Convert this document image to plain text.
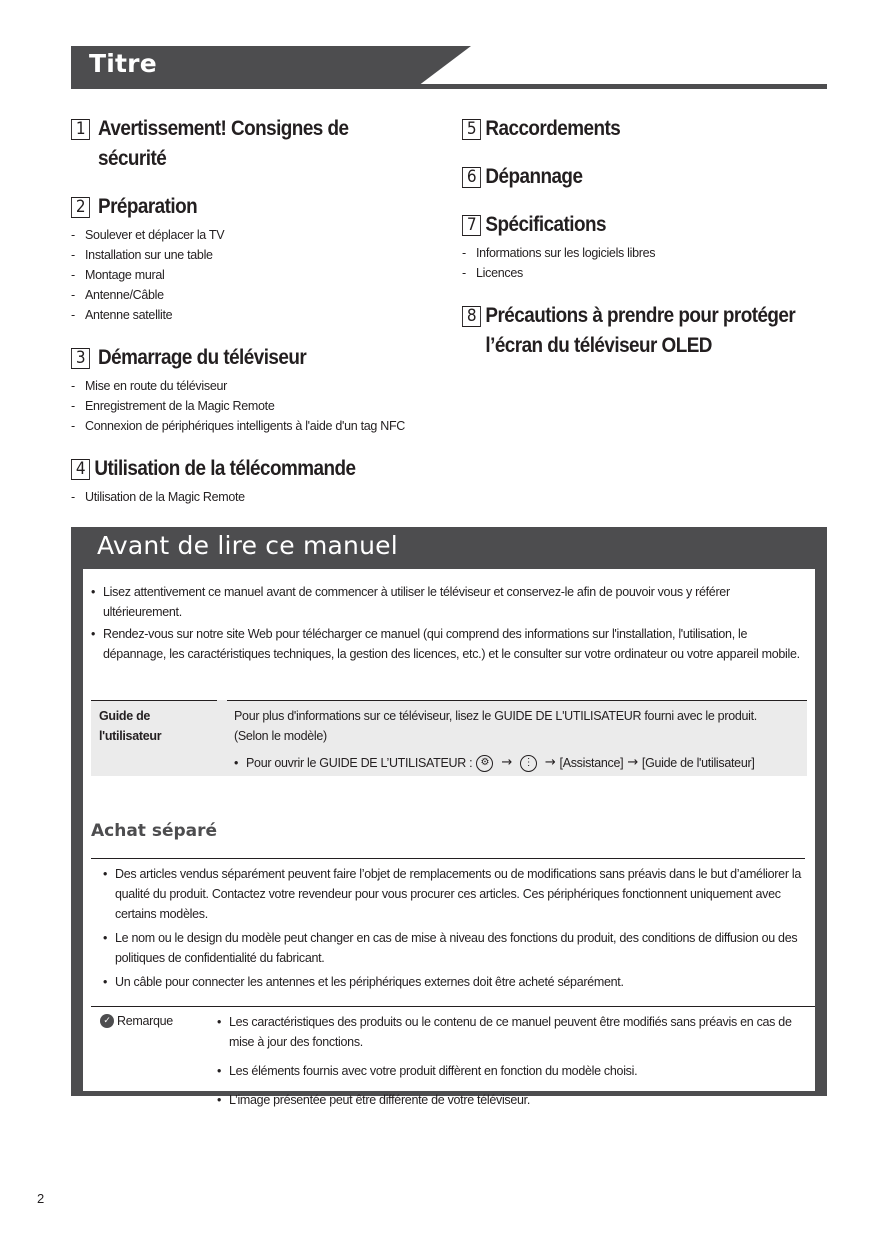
Titre
1 Avertissement! Consignes de sécurité
2 Préparation
- Soulever et déplacer la TV
- Installation sur une table
- Montage mural
- Antenne/Câble
- Antenne satellite
3 Démarrage du téléviseur
- Mise en route du téléviseur
- Enregistrement de la Magic Remote
- Connexion de périphériques intelligents à l'aide d'un tag NFC
4 Utilisation de la télécommande
- Utilisation de la Magic Remote
5 Raccordements
6 Dépannage
7 Spécifications
- Informations sur les logiciels libres
- Licences
8 Précautions à prendre pour protéger l’écran du téléviseur OLED
Avant de lire ce manuel
• Lisez attentivement ce manuel avant de commencer à utiliser le téléviseur et conservez-le afin de pouvoir vous y référer ultérieurement.
• Rendez-vous sur notre site Web pour télécharger ce manuel (qui comprend des informations sur l'installation, l'utilisation, le dépannage, les caractéristiques techniques, la gestion des licences, etc.) et le consulter sur votre ordinateur ou votre appareil mobile.
Guide de l'utilisateur
Pour plus d'informations sur ce téléviseur, lisez le GUIDE DE L'UTILISATEUR fourni avec le produit.
(Selon le modèle)
• Pour ouvrir le GUIDE DE L’UTILISATEUR : ⚙ →	⋮ → [Assistance] → [Guide de l'utilisateur]
Achat séparé
• Des articles vendus séparément peuvent faire l’objet de remplacements ou de modifications sans préavis dans le but d’améliorer la qualité du produit. Contactez votre revendeur pour vous procurer ces articles. Ces périphériques fonctionnent uniquement avec certains modèles.
• Le nom ou le design du modèle peut changer en cas de mise à niveau des fonctions du produit, des conditions de diffusion ou des politiques de confidentialité du fabricant.
• Un câble pour connecter les antennes et les périphériques externes doit être acheté séparément.
✓ Remarque
•	Les caractéristiques des produits ou le contenu de ce manuel peuvent être modifiés sans préavis en cas de mise à jour des fonctions.
• Les éléments fournis avec votre produit diffèrent en fonction du modèle choisi.
• L’image présentée peut être différente de votre téléviseur.
2
